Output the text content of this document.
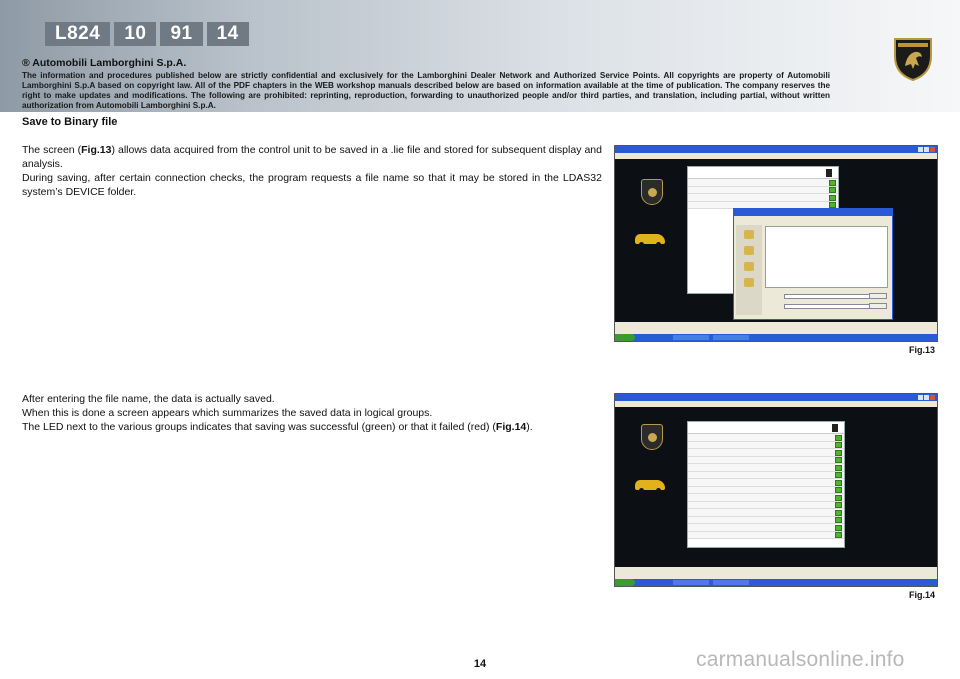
L824	10	91	14
® Automobili Lamborghini S.p.A.
The information and procedures published below are strictly confidential and exclusively for the Lamborghini Dealer Network and Authorized Service Points. All copyrights are property of Automobili Lamborghini S.p.A based on copyright law. All of the PDF chapters in the WEB workshop manuals described below are based on information available at the time of publication. The company reserves the right to make updates and modifications. The following are prohibited: reprinting, reproduction, forwarding to unauthorized people and/or third parties, and translation, including partial, without written authorization from Automobili Lamborghini S.p.A.
Save to Binary file

The screen (Fig.13) allows data acquired from the control unit to be saved in a .lie file and stored for subsequent display and analysis.

During saving, after certain connection checks, the program requests a file name so that it may be stored in the LDAS32 system’s DEVICE folder.

After entering the file name, the data is actually saved.

When this is done a screen appears which summarizes the saved data in logical groups.

The LED next to the various groups indicates that saving was successful (green) or that it failed (red) (Fig.14).

Fig.13
Fig.14
14	carmanualsonline.info
